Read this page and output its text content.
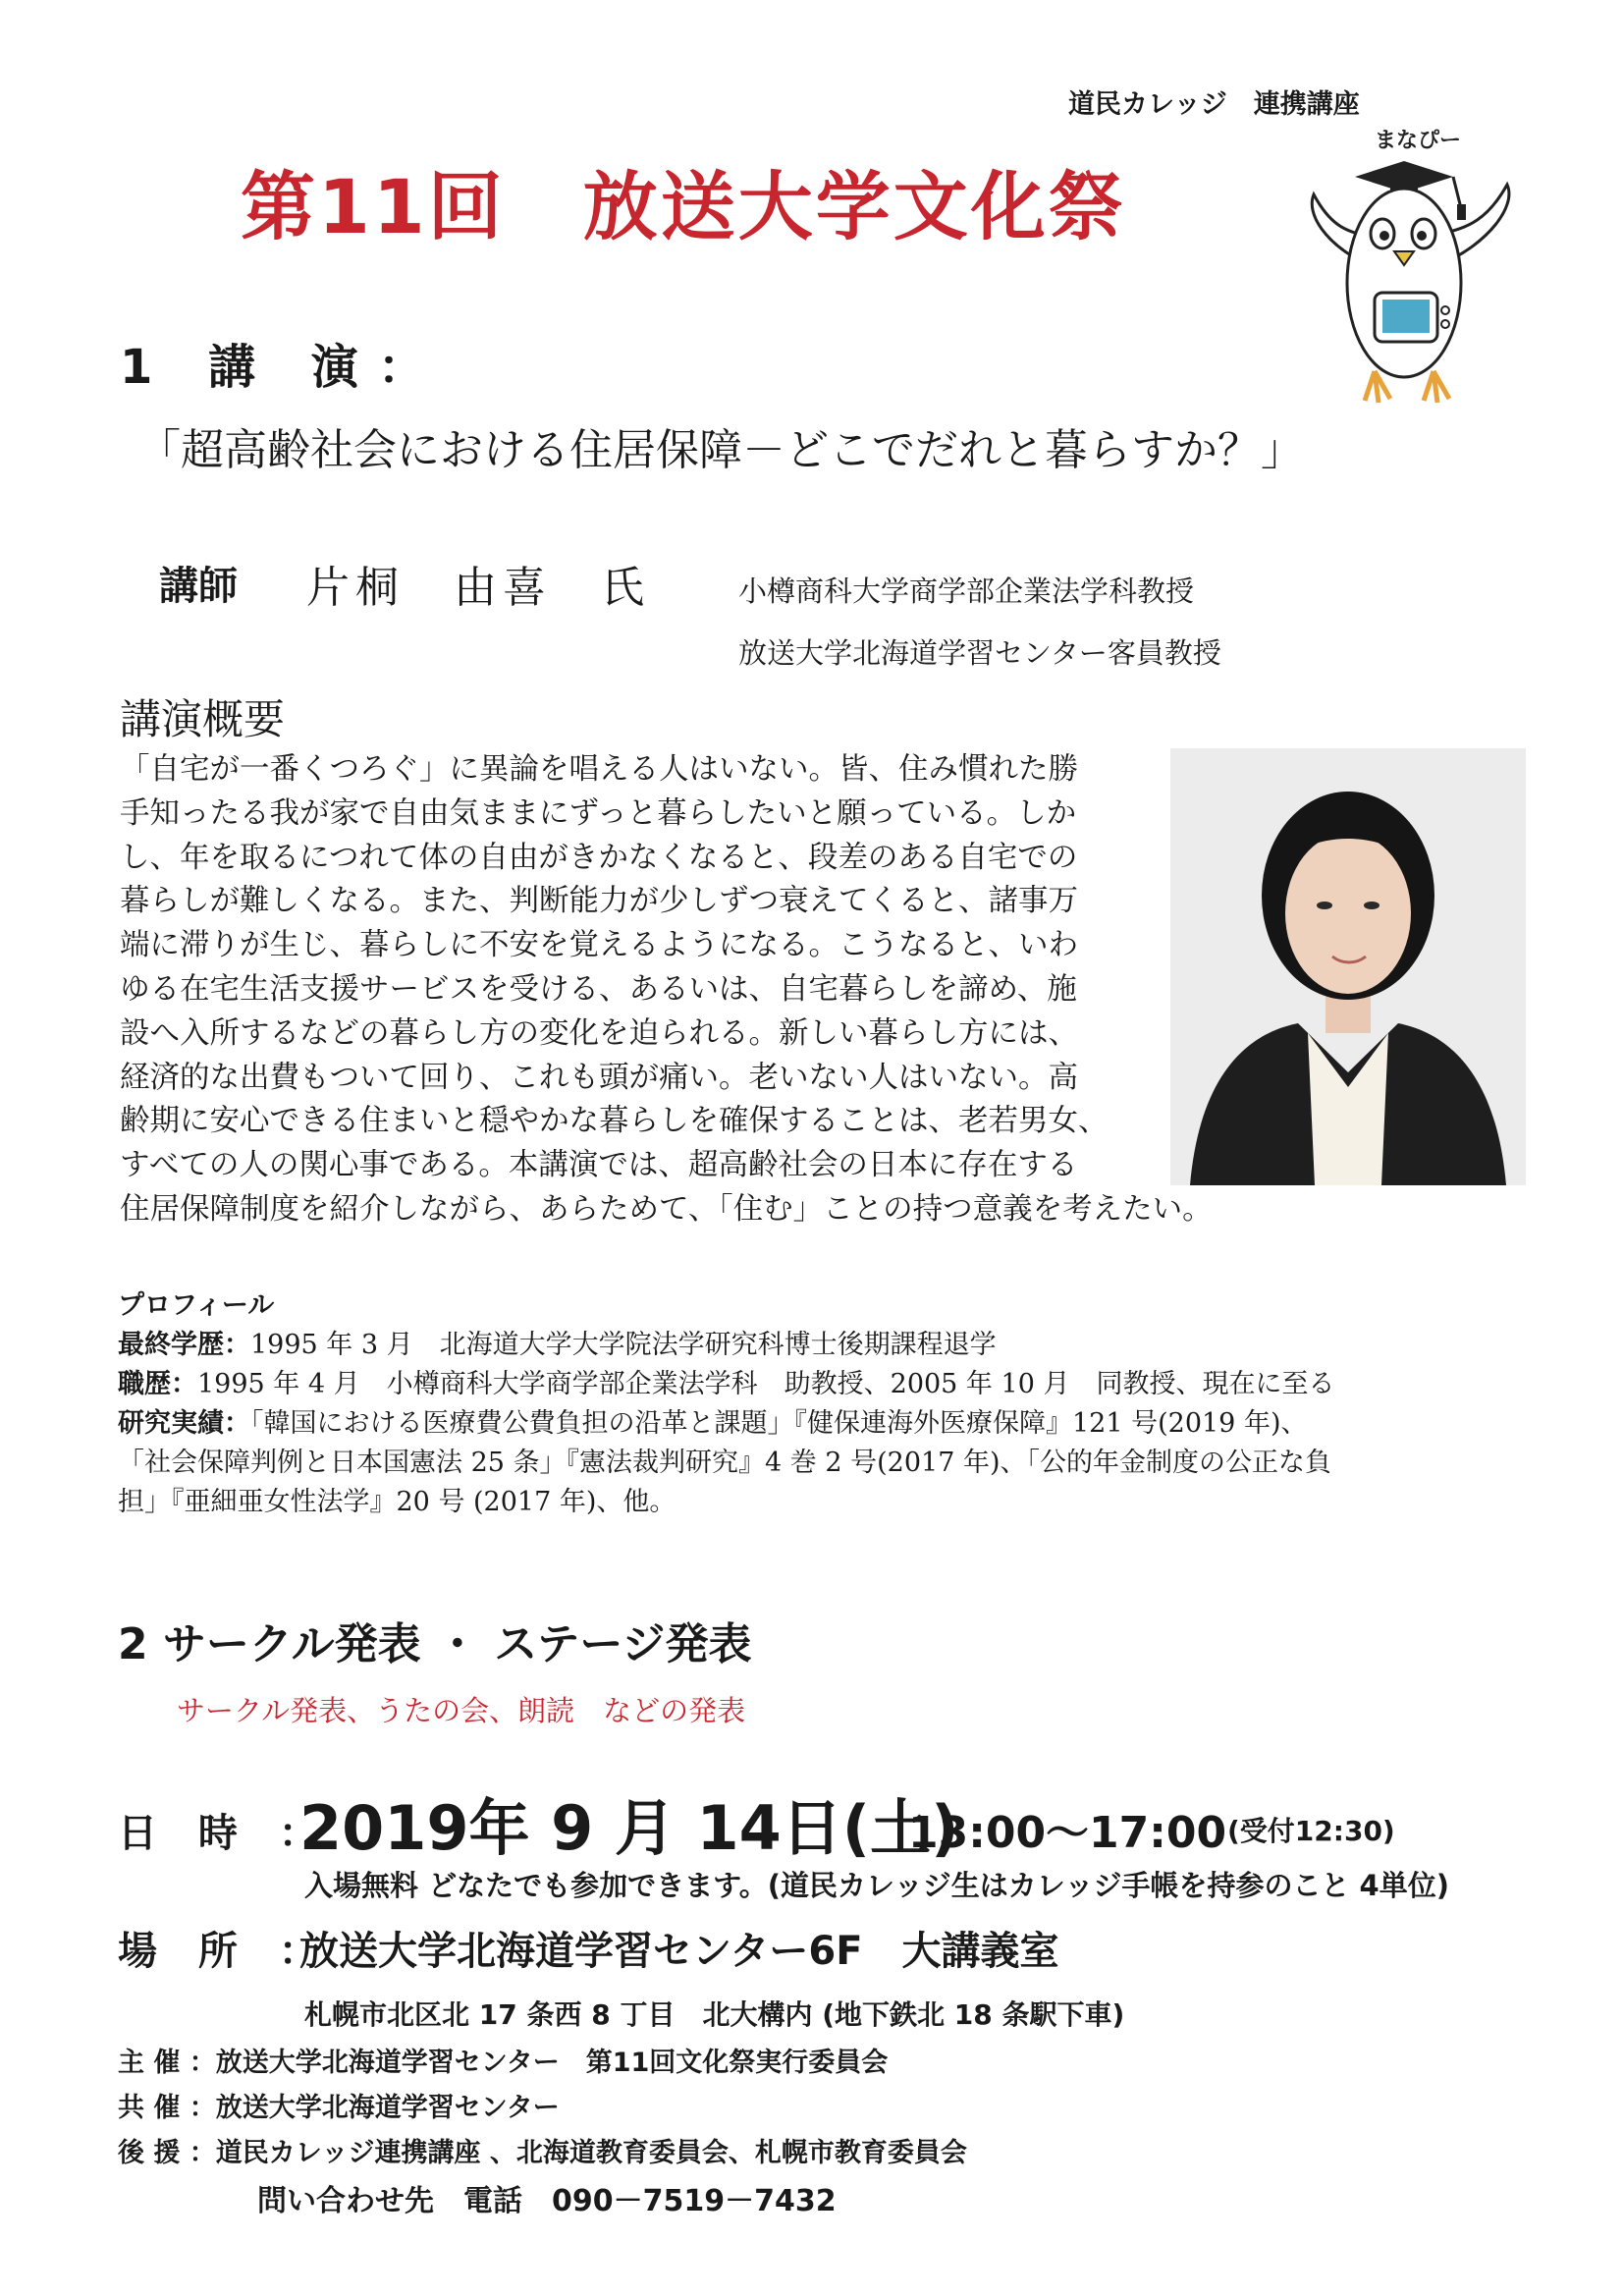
道民カレッジ　連携講座
第11回　放送大学文化祭
まなぴー
1 講 演：
「超高齢社会における住居保障－どこでだれと暮らすか？」
講師 片桐　由喜　氏	小樽商科大学商学部企業法学科教授
放送大学北海道学習センター客員教授
講演概要
「自宅が一番くつろぐ」に異論を唱える人はいない。皆、住み慣れた勝
手知ったる我が家で自由気ままにずっと暮らしたいと願っている。しか
し、年を取るにつれて体の自由がきかなくなると、段差のある自宅での
暮らしが難しくなる。また、判断能力が少しずつ衰えてくると、諸事万
端に滞りが生じ、暮らしに不安を覚えるようになる。こうなると、いわ
ゆる在宅生活支援サービスを受ける、あるいは、自宅暮らしを諦め、施
設へ入所するなどの暮らし方の変化を迫られる。新しい暮らし方には、
経済的な出費もついて回り、これも頭が痛い。老いない人はいない。高
齢期に安心できる住まいと穏やかな暮らしを確保することは、老若男女、
すべての人の関心事である。本講演では、超高齢社会の日本に存在する
住居保障制度を紹介しながら、あらためて、「住む」ことの持つ意義を考えたい。
プロフィール
最終学歴：1995 年 3 月　北海道大学大学院法学研究科博士後期課程退学
職歴：1995 年 4 月　小樽商科大学商学部企業法学科　助教授、2005 年 10 月　同教授、現在に至る
研究実績：「韓国における医療費公費負担の沿革と課題」『健保連海外医療保障』121 号(2019 年)、
「社会保障判例と日本国憲法 25 条」『憲法裁判研究』4 巻 2 号(2017 年)、「公的年金制度の公正な負
担」『亜細亜女性法学』20 号 (2017 年)、他。
2 サークル発表 ・ ステージ発表
サークル発表、うたの会、朗読　などの発表
日 時 ：
2019年 9 月 14日(土)
13:00～17:00 (受付12:30)
入場無料 どなたでも参加できます。(道民カレッジ生はカレッジ手帳を持参のこと 4単位)
場 所 ：
放送大学北海道学習センター6F　大講義室
札幌市北区北 17 条西 8 丁目　北大構内 (地下鉄北 18 条駅下車)
主 催 ：放送大学北海道学習センター　第11回文化祭実行委員会
共 催 ：放送大学北海道学習センター
後 援 ：道民カレッジ連携講座 、北海道教育委員会、札幌市教育委員会
問い合わせ先　電話　090－7519－7432
